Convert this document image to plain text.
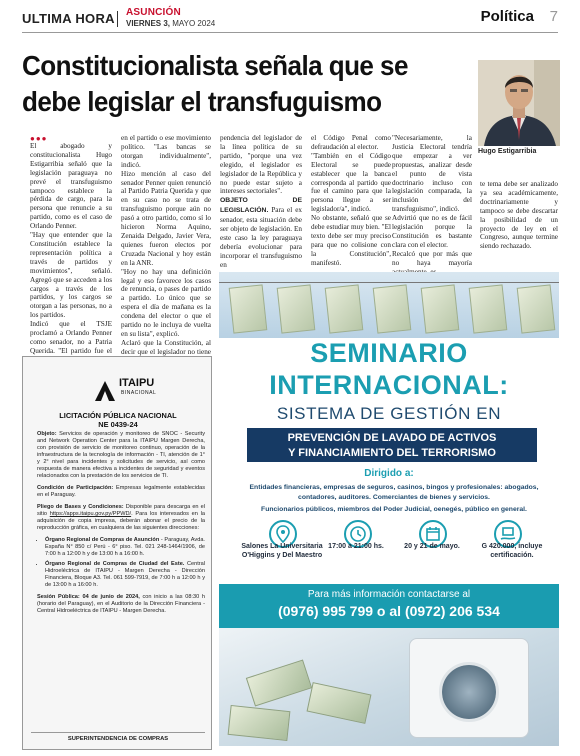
ULTIMA HORA ASUNCIÓN
VIERNES 3, MAYO 2024	Política 7
Constitucionalista señala que se debe legislar el transfuguismo
Hugo Estigarribia
●●●

El abogado y constitucionalista Hugo Estigarribia señaló que la legislación paraguaya no prevé el transfuguismo tampoco establece la pérdida de cargo, para la persona que renuncie a su partido, como es el caso de Orlando Penner.
"Hay que entender que la Constitución establece la representación política a través de partidos y movimientos", señaló. Agregó que se acceden a los cargos a través de los partidos, y los cargos se otorgan a las personas, no a los partidos.
Indicó que el TSJE proclamó a Orlando Penner como senador, no a Patria Querida. "El partido fue el

en el partido o ese movimiento político. "Las bancas se otorgan individualmente", indicó.
Hizo mención al caso del senador Penner quien renunció al Partido Patria Querida y que en su caso no se trata de transfuguismo porque aún no pasó a otro partido, como sí lo hicieron Norma Aquino, Zenaida Delgado, Javier Vera, quienes fueron electos por Cruzada Nacional y hoy están en la ANR.
"Hoy no hay una definición legal y eso favorece los casos de renuncia, o pases de partido a partido. Lo único que se espera el día de mañana es la condena del elector o que el partido no le incluya de vuelta en su lista", explicó.
Aclaró que la Constitución, al decir que el legislador no tiene

pendencia del legislador de la línea política de su partido, "porque una vez elegido, el legislador es legislador de la República y no puede estar sujeto a intereses sectoriales".
OBJETO DE LEGISLACIÓN. Para el ex senador, esta situación debe ser objeto de legislación. En este caso la ley paraguaya debería evolucionar para incorporar el transfuguismo en

el Código Penal como defraudación al elector.
"También en el Código Electoral se puede establecer que la banca corresponda al partido que fue el camino para que la persona llegue a ser legislador/a", indicó.
No obstante, señaló que se debe estudiar muy bien. "El texto debe ser muy preciso para que no colisione con la Constitución", manifestó.

"Necesariamente, la Justicia Electoral tendría que empezar a ver propuestas, analizar desde el punto de vista doctrinario incluso con legislación comparada, la inclusión del transfuguismo", indicó.
Advirtió que no es de fácil legislación porque la Constitución es bastante clara con el elector.
Recalcó que por más que no haya mayoría

te tema debe ser analizado ya sea académicamente, doctrinariamente y tampoco se debe descartar la posibilidad de un proyecto de ley en el Congreso, aunque termine siendo rechazado.

SEMINARIO
INTERNACIONAL:
SISTEMA DE GESTIÓN EN
PREVENCIÓN DE LAVADO DE ACTIVOS
Y FINANCIAMIENTO DEL TERRORISMO
Dirigido a:
Entidades financieras, empresas de seguros, casinos, bingos y profesionales: abogados, contadores, auditores. Comerciantes de bienes y servicios.
Funcionarios públicos, miembros del Poder Judicial, oenegés, público en general.
Salones La Universitaria
O'Higgins y Del Maestro
17:00 a 21:00 hs.	20 y 21 de mayo.	G 420.000, incluye
certificación.
Para más información contactarse al
(0976) 995 799 o al (0972) 206 534
ITAIPU
BINACIONAL
LICITACIÓN PÚBLICA NACIONAL
NE 0439-24

Objeto: Servicios de operación y monitoreo de SNOC - Security and Network Operation Center para la ITAIPU Margen Derecha, con provisión de servicio de monitoreo continuo, operación de la infraestructura de la tecnología de información - TI, atención de 1° y 2° nivel para incidentes y solicitudes de servicio, así como respuesta de manera efectiva a incidentes de seguridad y eventos relacionados con la prestación de los servicios de TI.

Condición de Participación: Empresas legalmente establecidas en el Paraguay.

Pliego de Bases y Condiciones: Disponible para descarga en el sitio https://apps.itaipu.gov.py/PPWD/. Para los interesados en la adquisición de copia impresa, deberán abonar el precio de la reproducción gráfica, en cualquiera de las siguientes direcciones:

• Órgano Regional de Compras de Asunción - Paraguay, Avda. España N° 850 c/ Perú - 6° piso. Tel. 021 248-1464/1906, de 7:00 h a 12:00 h y de 13:00 h a 16:00 h.
• Órgano Regional de Compras de Ciudad del Este. Central Hidroeléctrica de ITAIPU - Margen Derecha - Dirección Financiera, Bloque A3. Tel. 061 599-7919, de 7:00 h a 12:00 h y de 13:00 h a 16:00 h.

Sesión Pública: 04 de junio de 2024, con inicio a las 08:30 h (horario del Paraguay), en el Auditorio de la Dirección Financiera - Central Hidroeléctrica de ITAIPU - Margen Derecha.

SUPERINTENDENCIA DE COMPRAS
